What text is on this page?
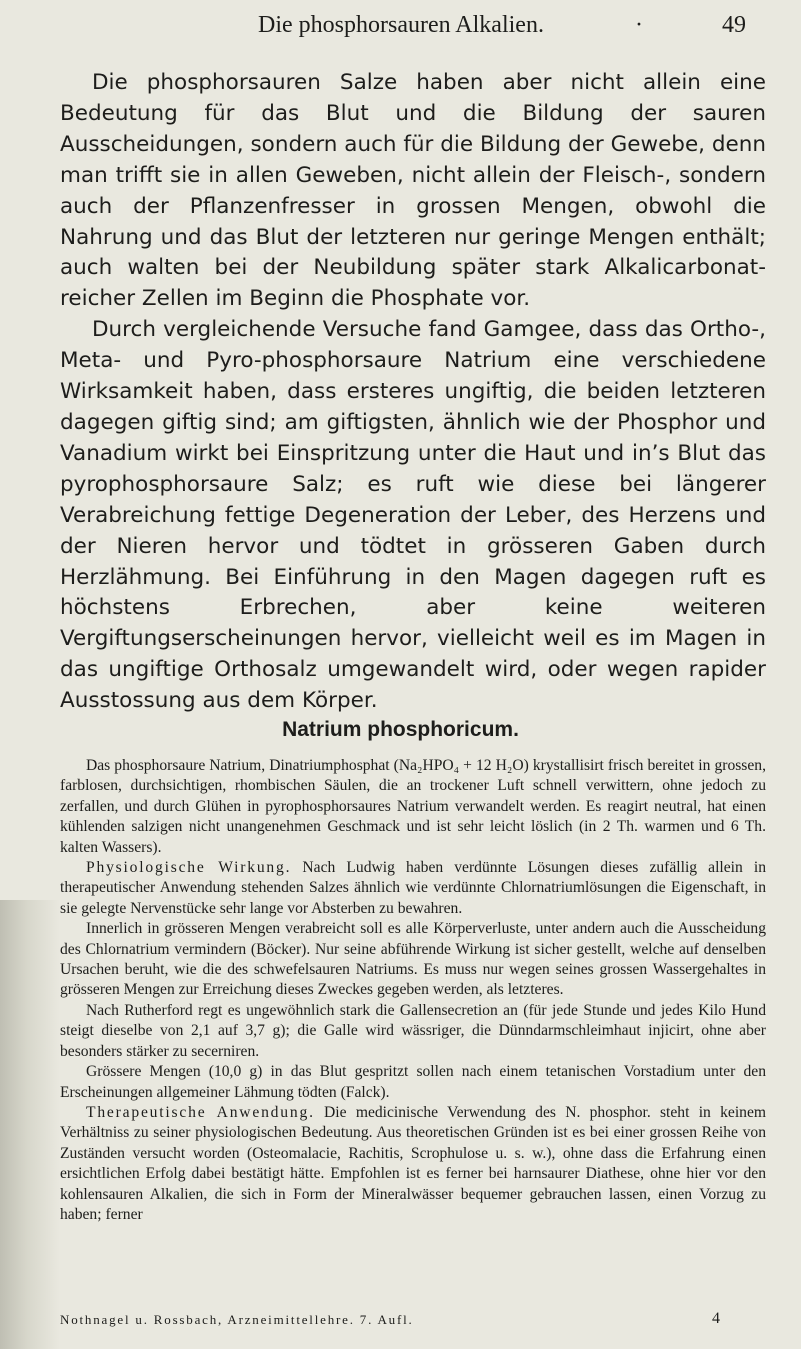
Die phosphorsauren Alkalien.	·	49

Die phosphorsauren Salze haben aber nicht allein eine Bedeutung für das Blut und die Bildung der sauren Ausscheidungen, sondern auch für die Bildung der Gewebe, denn man trifft sie in allen Geweben, nicht allein der Fleisch-, sondern auch der Pflanzenfresser in grossen Mengen, obwohl die Nahrung und das Blut der letzteren nur geringe Mengen enthält; auch walten bei der Neubildung später stark Alkalicarbonat-reicher Zellen im Beginn die Phosphate vor.

Durch vergleichende Versuche fand Gamgee, dass das Ortho-, Meta- und Pyro-phosphorsaure Natrium eine verschiedene Wirksamkeit haben, dass ersteres ungiftig, die beiden letzteren dagegen giftig sind; am giftigsten, ähnlich wie der Phosphor und Vanadium wirkt bei Einspritzung unter die Haut und in’s Blut das pyrophosphorsaure Salz; es ruft wie diese bei längerer Verabreichung fettige Degeneration der Leber, des Herzens und der Nieren hervor und tödtet in grösseren Gaben durch Herzlähmung. Bei Einführung in den Magen dagegen ruft es höchstens Erbrechen, aber keine weiteren Vergiftungserscheinungen hervor, vielleicht weil es im Magen in das ungiftige Orthosalz umgewandelt wird, oder wegen rapider Ausstossung aus dem Körper.

Natrium phosphoricum.

Das phosphorsaure Natrium, Dinatriumphosphat (Na₂HPO₄ + 12 H₂O) krystallisirt frisch bereitet in grossen, farblosen, durchsichtigen, rhombischen Säulen, die an trockener Luft schnell verwittern, ohne jedoch zu zerfallen, und durch Glühen in pyrophosphorsaures Natrium verwandelt werden. Es reagirt neutral, hat einen kühlenden salzigen nicht unangenehmen Geschmack und ist sehr leicht löslich (in 2 Th. warmen und 6 Th. kalten Wassers).

Physiologische Wirkung. Nach Ludwig haben verdünnte Lösungen dieses zufällig allein in therapeutischer Anwendung stehenden Salzes ähnlich wie verdünnte Chlornatriumlösungen die Eigenschaft, in sie gelegte Nervenstücke sehr lange vor Absterben zu bewahren.

Innerlich in grösseren Mengen verabreicht soll es alle Körperverluste, unter andern auch die Ausscheidung des Chlornatrium vermindern (Böcker). Nur seine abführende Wirkung ist sicher gestellt, welche auf denselben Ursachen beruht, wie die des schwefelsauren Natriums. Es muss nur wegen seines grossen Wassergehaltes in grösseren Mengen zur Erreichung dieses Zweckes gegeben werden, als letzteres.

Nach Rutherford regt es ungewöhnlich stark die Gallensecretion an (für jede Stunde und jedes Kilo Hund steigt dieselbe von 2,1 auf 3,7 g); die Galle wird wässriger, die Dünndarmschleimhaut injicirt, ohne aber besonders stärker zu secerniren.

Grössere Mengen (10,0 g) in das Blut gespritzt sollen nach einem tetanischen Vorstadium unter den Erscheinungen allgemeiner Lähmung tödten (Falck).

Therapeutische Anwendung. Die medicinische Verwendung des N. phosphor. steht in keinem Verhältniss zu seiner physiologischen Bedeutung. Aus theoretischen Gründen ist es bei einer grossen Reihe von Zuständen versucht worden (Osteomalacie, Rachitis, Scrophulose u. s. w.), ohne dass die Erfahrung einen ersichtlichen Erfolg dabei bestätigt hätte. Empfohlen ist es ferner bei harnsaurer Diathese, ohne hier vor den kohlensauren Alkalien, die sich in Form der Mineralwässer bequemer gebrauchen lassen, einen Vorzug zu haben; ferner

Nothnagel u. Rossbach, Arzneimittellehre. 7. Aufl.	4
